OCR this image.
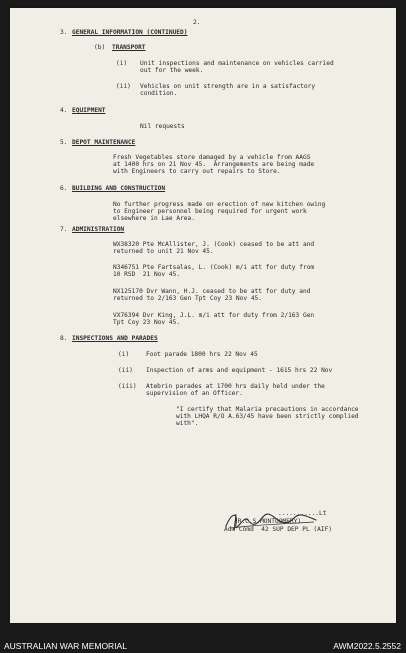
2.
3. GENERAL INFORMATION (CONTINUED)
(b) TRANSPORT
(i) Unit inspections and maintenance on vehicles carried
out for the week.
(ii) Vehicles on unit strength are in a satisfactory
condition.
4. EQUIPMENT
Nil requests
5. DEPOT MAINTENANCE
Fresh Vegetables store damaged by a vehicle from AAGS
at 1400 hrs on 21 Nov 45.  Arrangements are being made
with Engineers to carry out repairs to Store.
6. BUILDING AND CONSTRUCTION
No further progress made on erection of new kitchen owing
to Engineer personnel being required for urgent work
elsewhere in Lae Area.
7. ADMINISTRATION
WX38320 Pte McAllister, J. (Cook) ceased to be att and
returned to unit 21 Nov 45.
N346751 Pte Fartsalas, L. (Cook) m/i att for duty from
10 RSD  21 Nov 45.
NX125170 Dvr Wann, H.J. ceased to be att for duty and
returned to 2/163 Gen Tpt Coy 23 Nov 45.
VX76394 Dvr King, J.L. m/i att for duty from 2/163 Gen
Tpt Coy 23 Nov 45.
8. INSPECTIONS AND PARADES
(i)	Foot parade 1800 hrs 22 Nov 45
(ii) Inspection of arms and equipment - 1615 hrs 22 Nov
(iii) Atebrin parades at 1700 hrs daily held under the
supervision of an Officer.
"I certify that Malaria precautions in accordance
with LHQA R/O A.63/45 have been strictly complied
with".
...........Lt
(R.C.S.MONTGOMERY)
Adm Comd  42 SUP DEP PL (AIF)
AUSTRALIAN WAR MEMORIAL	AWM2022.5.2552
